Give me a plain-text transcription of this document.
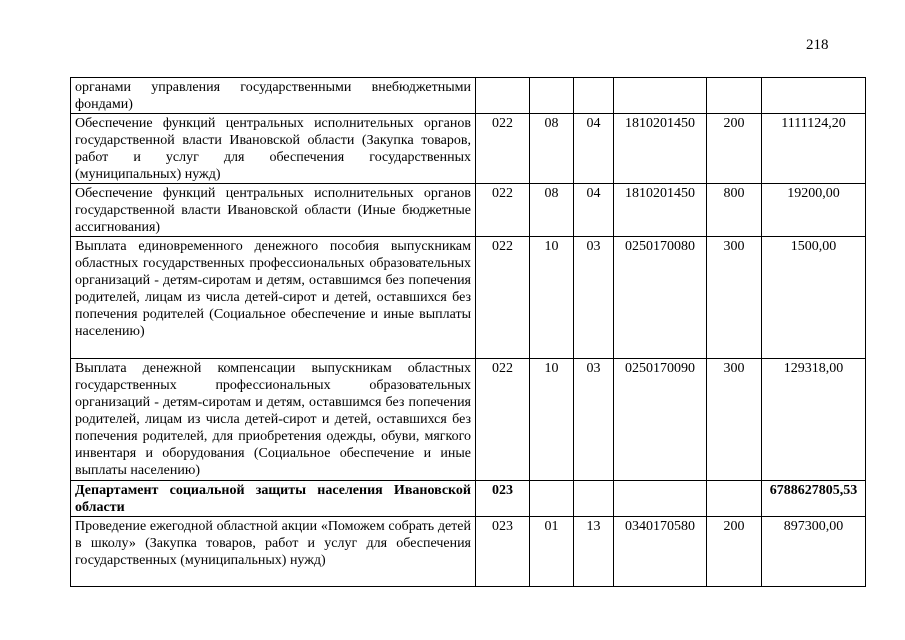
218
органами управления государственными внебюджетными фондами)						
Обеспечение функций центральных исполнительных органов государственной власти Ивановской области (Закупка товаров, работ и услуг для обеспечения государственных (муниципальных) нужд)	022	08	04	1810201450	200	1111124,20
Обеспечение функций центральных исполнительных органов государственной власти Ивановской области (Иные бюджетные ассигнования)	022	08	04	1810201450	800	19200,00
Выплата единовременного денежного пособия выпускникам областных государственных профессиональных образовательных организаций - детям-сиротам и детям, оставшимся без попечения родителей, лицам из числа детей-сирот и детей, оставшихся без попечения родителей (Социальное обеспечение и иные выплаты населению)	022	10	03	0250170080	300	1500,00
Выплата денежной компенсации выпускникам областных государственных профессиональных образовательных организаций - детям-сиротам и детям, оставшимся без попечения родителей, лицам из числа детей-сирот и детей, оставшихся без попечения родителей, для приобретения одежды, обуви, мягкого инвентаря и оборудования (Социальное обеспечение и иные выплаты населению)	022	10	03	0250170090	300	129318,00
Департамент социальной защиты населения Ивановской области	023					6788627805,53
Проведение ежегодной областной акции «Поможем собрать детей в школу» (Закупка товаров, работ и услуг для обеспечения государственных (муниципальных) нужд)	023	01	13	0340170580	200	897300,00
